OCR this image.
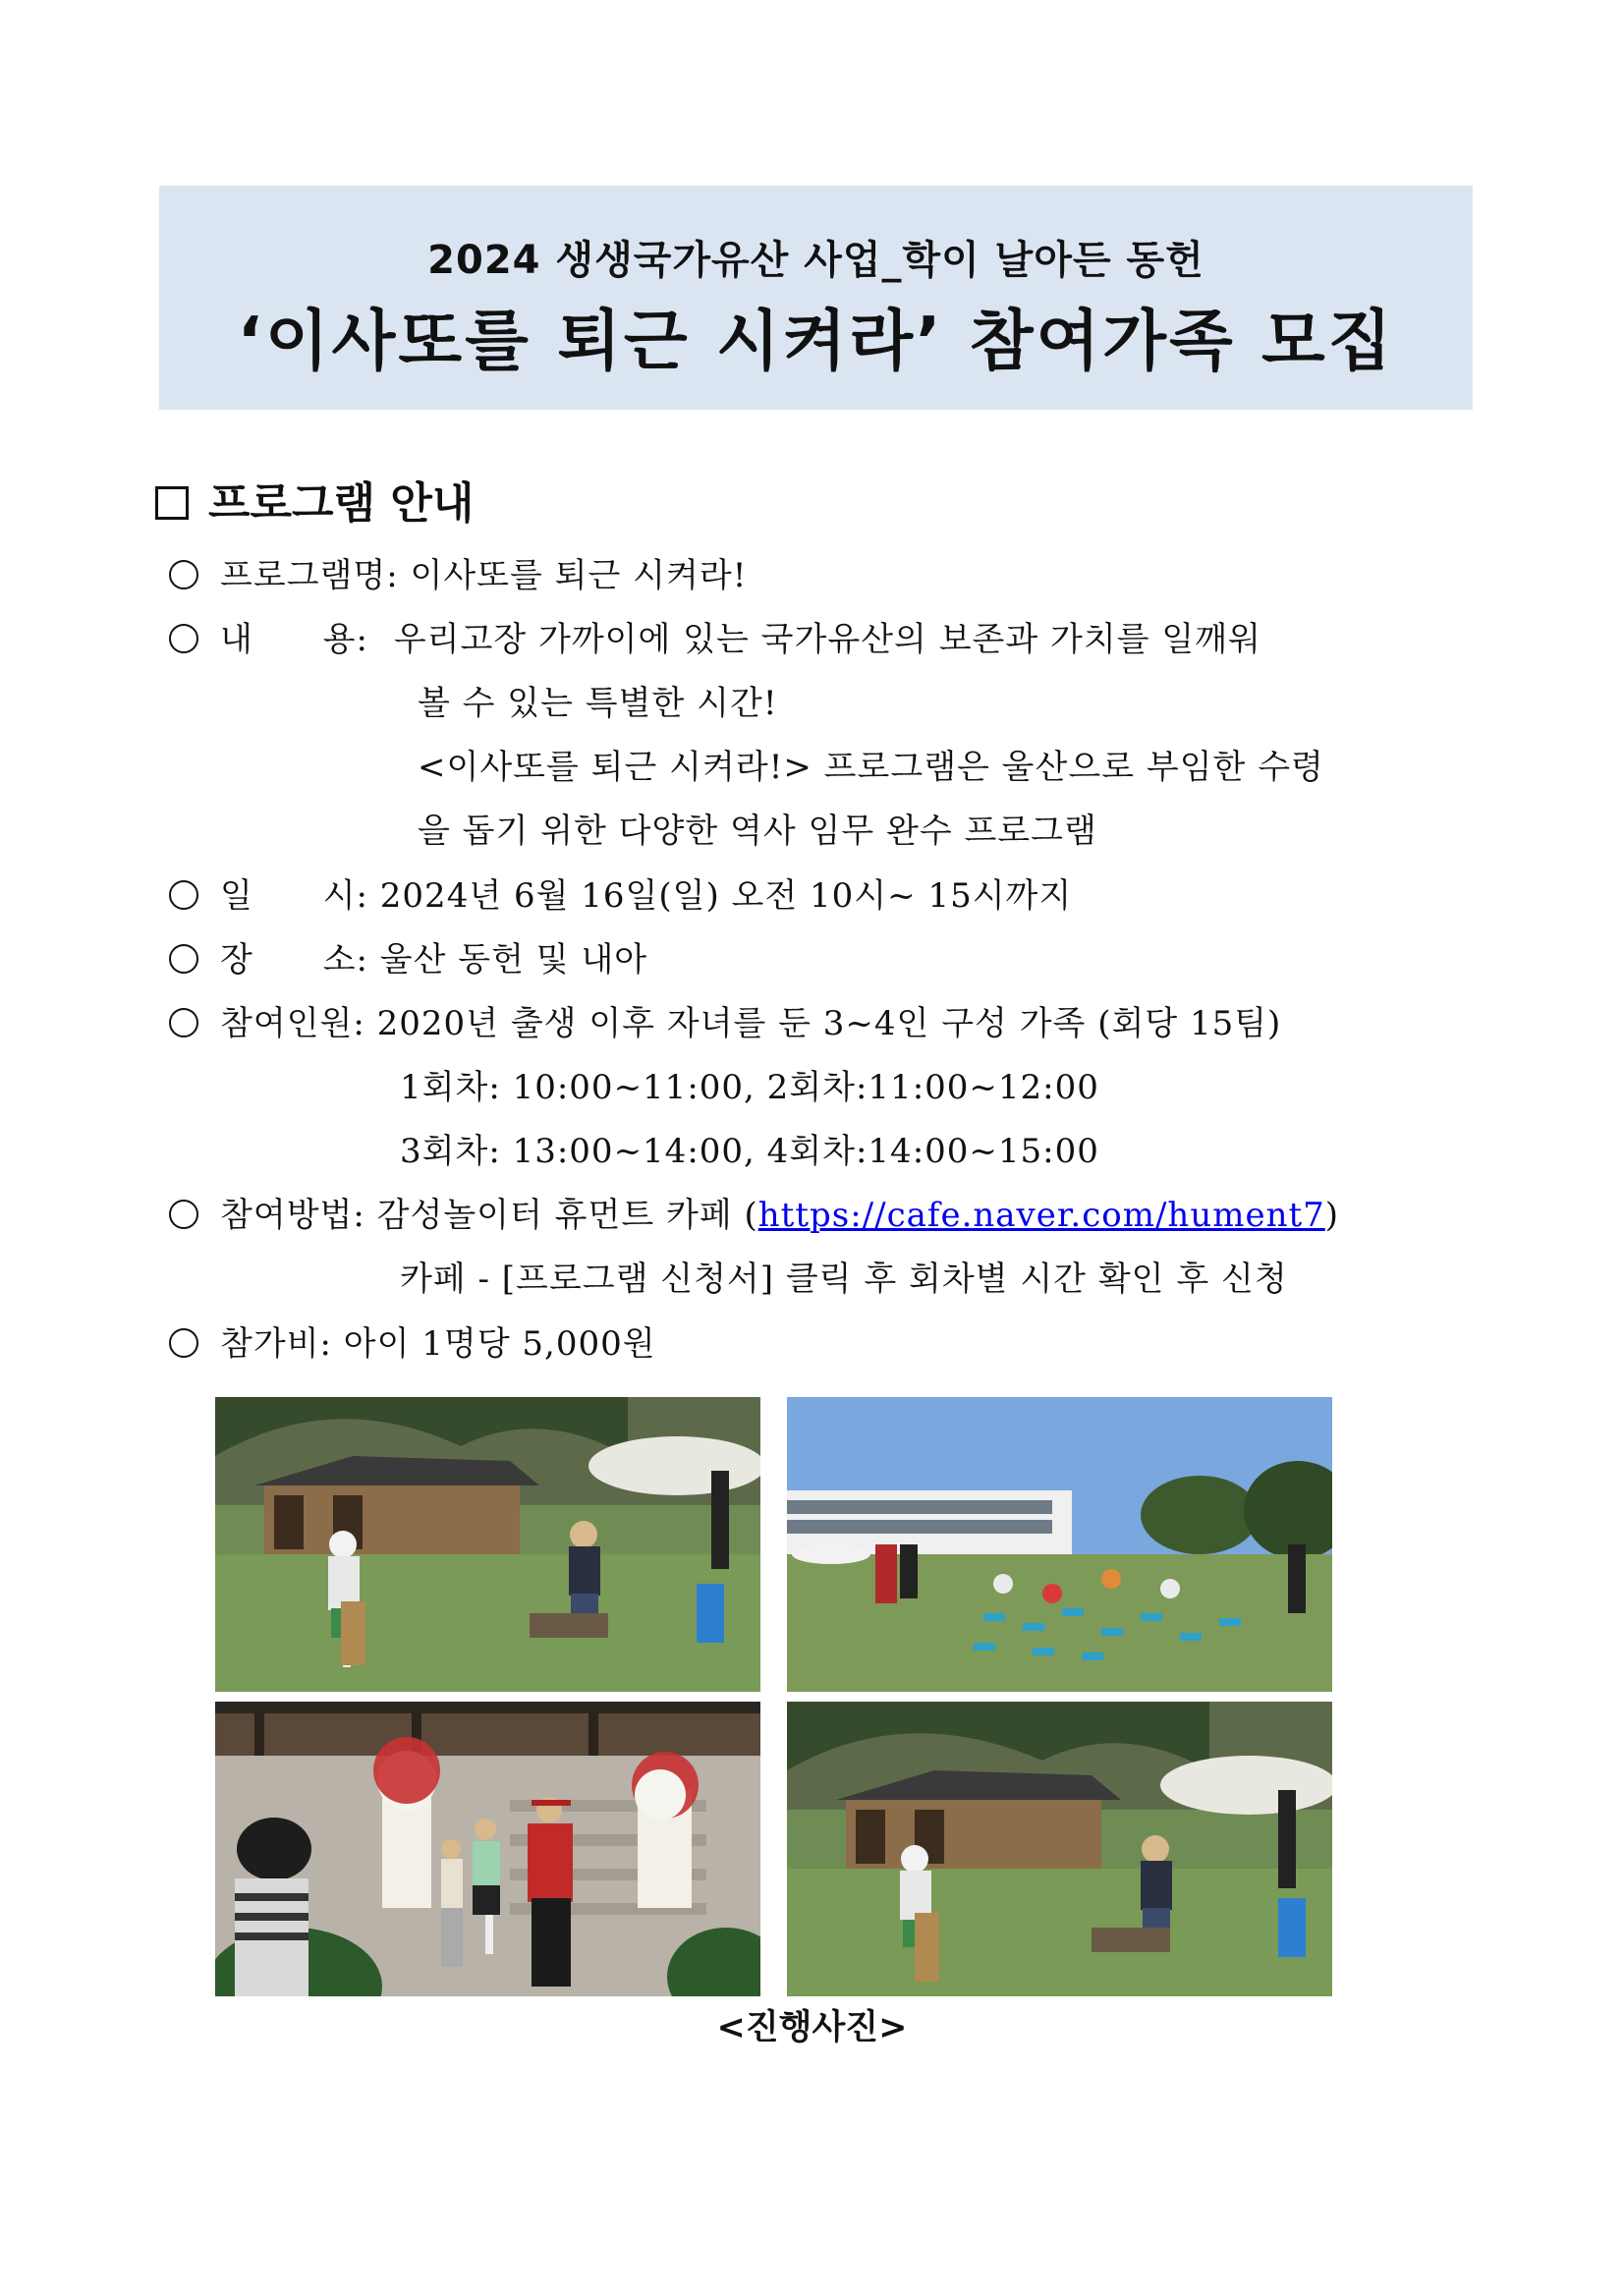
2024 생생국가유산 사업_학이 날아든 동헌
‘이사또를 퇴근 시켜라’ 참여가족 모집
프로그램 안내
프로그램명: 이사또를 퇴근 시켜라!
내      용: 우리고장 가까이에 있는 국가유산의 보존과 가치를 일깨워
볼 수 있는 특별한 시간!
<이사또를 퇴근 시켜라!> 프로그램은 울산으로 부임한 수령
을 돕기 위한 다양한 역사 임무 완수 프로그램
일      시: 2024년 6월 16일(일) 오전 10시~ 15시까지
장      소: 울산 동헌 및 내아
참여인원: 2020년 출생 이후 자녀를 둔 3~4인 구성 가족 (회당 15팀)
1회차: 10:00~11:00, 2회차:11:00~12:00
3회차: 13:00~14:00, 4회차:14:00~15:00
참여방법: 감성놀이터 휴먼트 카페 (https://cafe.naver.com/hument7)
카페 - [프로그램 신청서] 클릭 후 회차별 시간 확인 후 신청
참가비: 아이 1명당 5,000원
<진행사진>
